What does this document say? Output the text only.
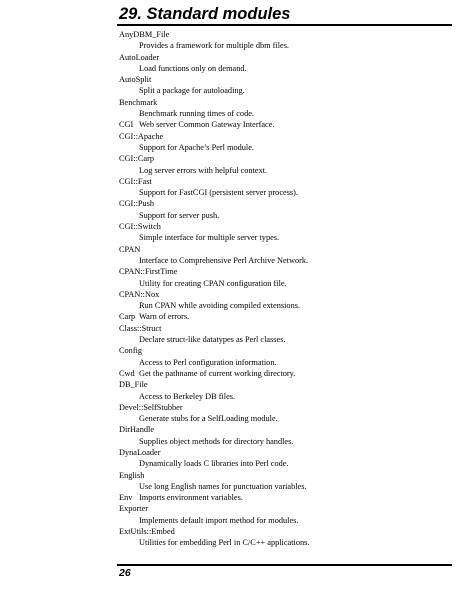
29. Standard modules
AnyDBM_File
Provides a framework for multiple dbm files.
AutoLoader
Load functions only on demand.
AutoSplit
Split a package for autoloading.
Benchmark
Benchmark running times of code.
CGI Web server Common Gateway Interface.
CGI::Apache
Support for Apache’s Perl module.
CGI::Carp
Log server errors with helpful context.
CGI::Fast
Support for FastCGI (persistent server process).
CGI::Push
Support for server push.
CGI::Switch
Simple interface for multiple server types.
CPAN
Interface to Comprehensive Perl Archive Network.
CPAN::FirstTime
Utility for creating CPAN configuration file.
CPAN::Nox
Run CPAN while avoiding compiled extensions.
Carp Warn of errors.
Class::Struct
Declare struct-like datatypes as Perl classes.
Config
Access to Perl configuration information.
Cwd Get the pathname of current working directory.
DB_File
Access to Berkeley DB files.
Devel::SelfStubber
Generate stubs for a SelfLoading module.
DirHandle
Supplies object methods for directory handles.
DynaLoader
Dynamically loads C libraries into Perl code.
English
Use long English names for punctuation variables.
Env Imports environment variables.
Exporter
Implements default import method for modules.
ExtUtils::Embed
Utilities for embedding Perl in C/C++ applications.
26
